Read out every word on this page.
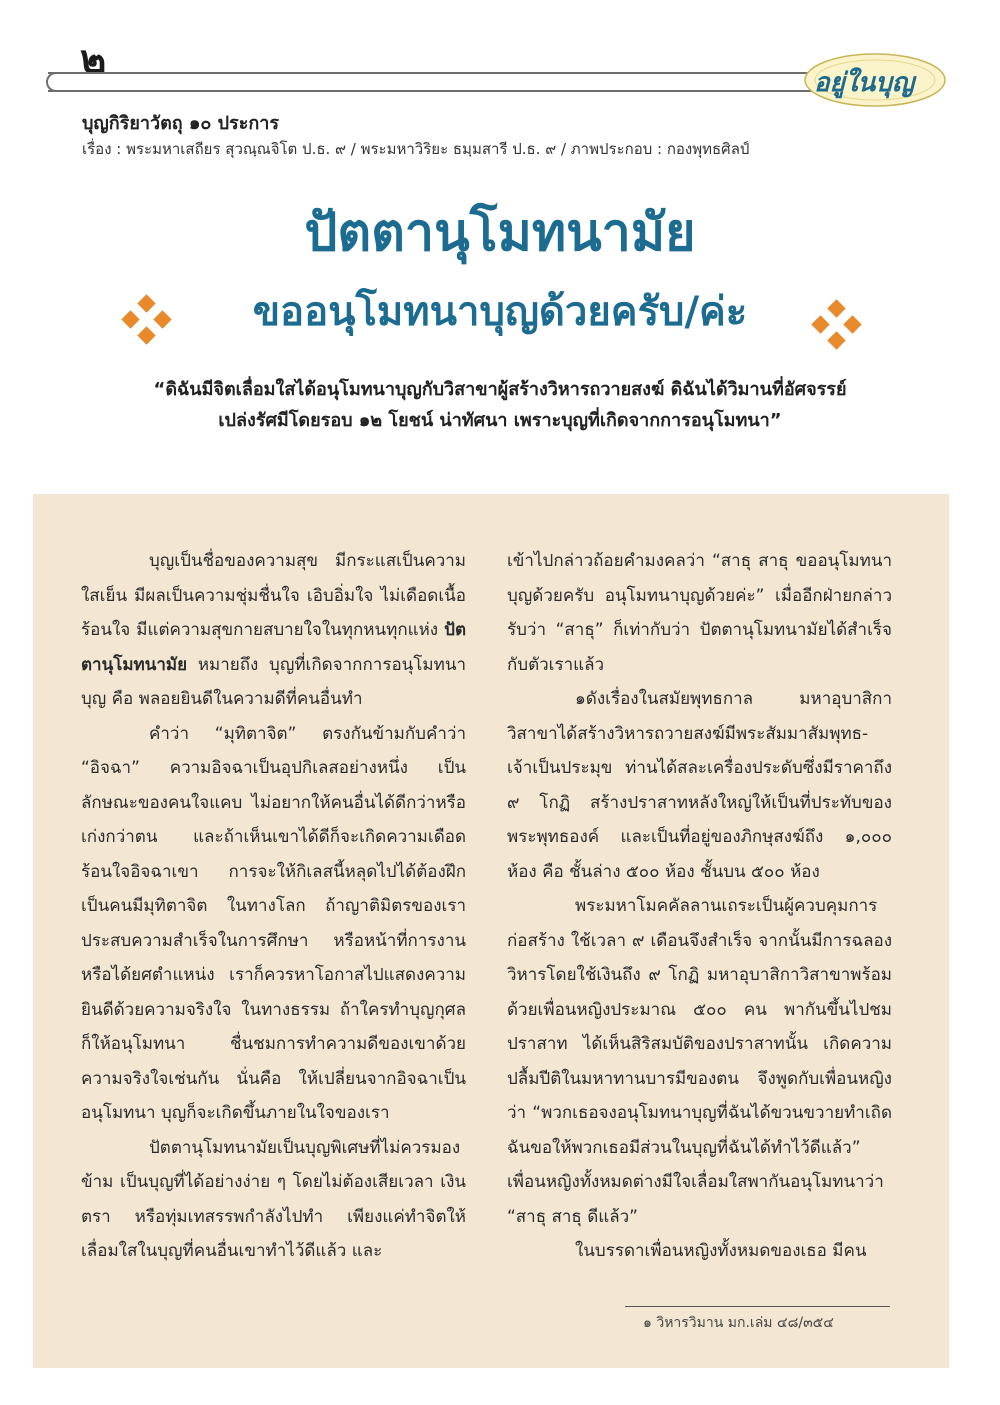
๒	อยู่ในบุญ
บุญกิริยาวัตถุ ๑๐ ประการ
เรื่อง : พระมหาเสถียร สุวณฺณจิโต ป.ธ. ๙ / พระมหาวิริยะ ธมฺมสารี ป.ธ. ๙ / ภาพประกอบ : กองพุทธศิลป์
ปัตตานุโมทนามัย
ขออนุโมทนาบุญด้วยครับ/ค่ะ
“ดิฉันมีจิตเลื่อมใสได้อนุโมทนาบุญกับวิสาขาผู้สร้างวิหารถวายสงฆ์ ดิฉันได้วิมานที่อัศจรรย์
เปล่งรัศมีโดยรอบ ๑๒ โยชน์ น่าทัศนา เพราะบุญที่เกิดจากการอนุโมทนา”

บุญเป็นชื่อของความสุข มีกระแสเป็นความใสเย็น มีผลเป็นความชุ่มชื่นใจ เอิบอิ่มใจ ไม่เดือดเนื้อร้อนใจ มีแต่ความสุขกายสบายใจในทุกหนทุกแห่ง ปัตตานุโมทนามัย หมายถึง บุญที่เกิดจากการอนุโมทนาบุญ คือ พลอยยินดีในความดีที่คนอื่นทำ

คำว่า “มุทิตาจิต” ตรงกันข้ามกับคำว่า “อิจฉา” ความอิจฉาเป็นอุปกิเลสอย่างหนึ่ง เป็นลักษณะของคนใจแคบ ไม่อยากให้คนอื่นได้ดีกว่าหรือเก่งกว่าตน และถ้าเห็นเขาได้ดีก็จะเกิดความเดือดร้อนใจอิจฉาเขา การจะให้กิเลสนี้หลุดไปได้ต้องฝึกเป็นคนมีมุทิตาจิต ในทางโลก ถ้าญาติมิตรของเราประสบความสำเร็จในการศึกษา หรือหน้าที่การงาน หรือได้ยศตำแหน่ง เราก็ควรหาโอกาสไปแสดงความยินดีด้วยความจริงใจ ในทางธรรม ถ้าใครทำบุญกุศลก็ให้อนุโมทนา ชื่นชมการทำความดีของเขาด้วยความจริงใจเช่นกัน นั่นคือ ให้เปลี่ยนจากอิจฉาเป็นอนุโมทนา บุญก็จะเกิดขึ้นภายในใจของเรา

ปัตตานุโมทนามัยเป็นบุญพิเศษที่ไม่ควรมองข้าม เป็นบุญที่ได้อย่างง่าย ๆ โดยไม่ต้องเสียเวลา เงินตรา หรือทุ่มเทสรรพกำลังไปทำ เพียงแค่ทำจิตให้เลื่อมใสในบุญที่คนอื่นเขาทำไว้ดีแล้ว และ

เข้าไปกล่าวถ้อยคำมงคลว่า “สาธุ สาธุ ขออนุโมทนาบุญด้วยครับ อนุโมทนาบุญด้วยค่ะ” เมื่ออีกฝ่ายกล่าวรับว่า “สาธุ” ก็เท่ากับว่า ปัตตานุโมทนามัยได้สำเร็จกับตัวเราแล้ว

๑ดังเรื่องในสมัยพุทธกาล มหาอุบาสิกาวิสาขาได้สร้างวิหารถวายสงฆ์มีพระสัมมาสัมพุทธ-เจ้าเป็นประมุข ท่านได้สละเครื่องประดับซึ่งมีราคาถึง ๙ โกฏิ สร้างปราสาทหลังใหญ่ให้เป็นที่ประทับของพระพุทธองค์ และเป็นที่อยู่ของภิกษุสงฆ์ถึง ๑,๐๐๐ ห้อง คือ ชั้นล่าง ๕๐๐ ห้อง ชั้นบน ๕๐๐ ห้อง

พระมหาโมคคัลลานเถระเป็นผู้ควบคุมการก่อสร้าง ใช้เวลา ๙ เดือนจึงสำเร็จ จากนั้นมีการฉลองวิหารโดยใช้เงินถึง ๙ โกฏิ มหาอุบาสิกาวิสาขาพร้อมด้วยเพื่อนหญิงประมาณ ๕๐๐ คน พากันขึ้นไปชมปราสาท ได้เห็นสิริสมบัติของปราสาทนั้น เกิดความปลื้มปีติในมหาทานบารมีของตน จึงพูดกับเพื่อนหญิงว่า “พวกเธอจงอนุโมทนาบุญที่ฉันได้ขวนขวายทำเถิด ฉันขอให้พวกเธอมีส่วนในบุญที่ฉันได้ทำไว้ดีแล้ว” เพื่อนหญิงทั้งหมดต่างมีใจเลื่อมใสพากันอนุโมทนาว่า “สาธุ สาธุ ดีแล้ว”

ในบรรดาเพื่อนหญิงทั้งหมดของเธอ มีคน

๑ วิหารวิมาน มก.เล่ม ๔๘/๓๕๔
